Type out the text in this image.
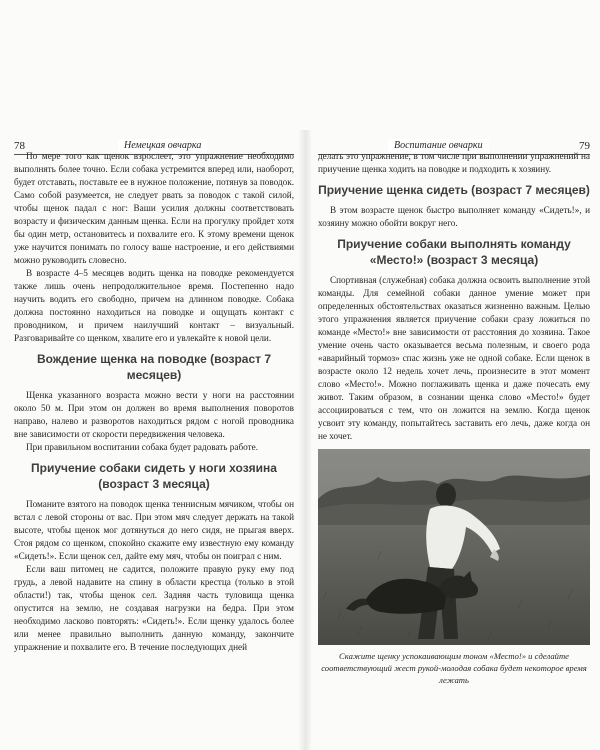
78	Немецкая овчарка	Воспитание овчарки	79

По мере того как щенок взрослеет, это упражнение необходимо выполнять более точно. Если собака устремится вперед или, наоборот, будет отставать, поставьте ее в нужное положение, потянув за поводок. Само собой разумеется, не следует рвать за поводок с такой силой, чтобы щенок падал с ног: Ваши усилия должны соответствовать возрасту и физическим данным щенка. Если на прогулку пройдет хотя бы один метр, остановитесь и похвалите его. К этому времени щенок уже научится понимать по голосу ваше настроение, и его действиями можно руководить словесно.

В возрасте 4–5 месяцев водить щенка на поводке рекомендуется также лишь очень непродолжительное время. Постепенно надо научить водить его свободно, причем на длинном поводке. Собака должна постоянно находиться на поводке и ощущать контакт с проводником, и причем наилучший контакт – визуальный. Разговаривайте со щенком, хвалите его и увлекайте к новой цели.

Вождение щенка на поводке (возраст 7 месяцев)

Щенка указанного возраста можно вести у ноги на расстоянии около 50 м. При этом он должен во время выполнения поворотов направо, налево и разворотов находиться рядом с ногой проводника вне зависимости от скорости передвижения человека.

При правильном воспитании собака будет радовать работе.

Приучение собаки сидеть у ноги хозяина (возраст 3 месяца)

Поманите взятого на поводок щенка теннисным мячиком, чтобы он встал с левой стороны от вас. При этом мяч следует держать на такой высоте, чтобы щенок мог дотянуться до него сидя, не прыгая вверх. Стоя рядом со щенком, спокойно скажите ему известную ему команду «Сидеть!». Если щенок сел, дайте ему мяч, чтобы он поиграл с ним.

Если ваш питомец не садится, положите правую руку ему под грудь, а левой надавите на спину в области крестца (только в этой области!) так, чтобы щенок сел. Задняя часть туловища щенка опустится на землю, не создавая нагрузки на бедра. При этом необходимо ласково повторять: «Сидеть!». Если щенку удалось более или менее правильно выполнить данную команду, закончите упражнение и похвалите его. В течение последующих дней

делать это упражнение, в том числе при выполнении упражнений на приучение щенка ходить на поводке и подходить к хозяину.

Приучение щенка сидеть (возраст 7 месяцев)

В этом возрасте щенок быстро выполняет команду «Сидеть!», и хозяину можно обойти вокруг него.

Приучение собаки выполнять команду «Место!» (возраст 3 месяца)

Спортивная (служебная) собака должна освоить выполнение этой команды. Для семейной собаки данное умение может при определенных обстоятельствах оказаться жизненно важным. Целью этого упражнения является приучение собаки сразу ложиться по команде «Место!» вне зависимости от расстояния до хозяина. Такое умение очень часто оказывается весьма полезным, и своего рода «аварийный тормоз» спас жизнь уже не одной собаке. Если щенок в возрасте около 12 недель хочет лечь, произнесите в этот момент слово «Место!». Можно поглаживать щенка и даже почесать ему живот. Таким образом, в сознании щенка слово «Место!» будет ассоциироваться с тем, что он ложится на землю. Когда щенок усвоит эту команду, попытайтесь заставить его лечь, даже когда он не хочет.

Скажите щенку успокаивающим тоном «Место!» и сделайте соответствующий жест рукой-молодая собака будет некоторое время лежать
